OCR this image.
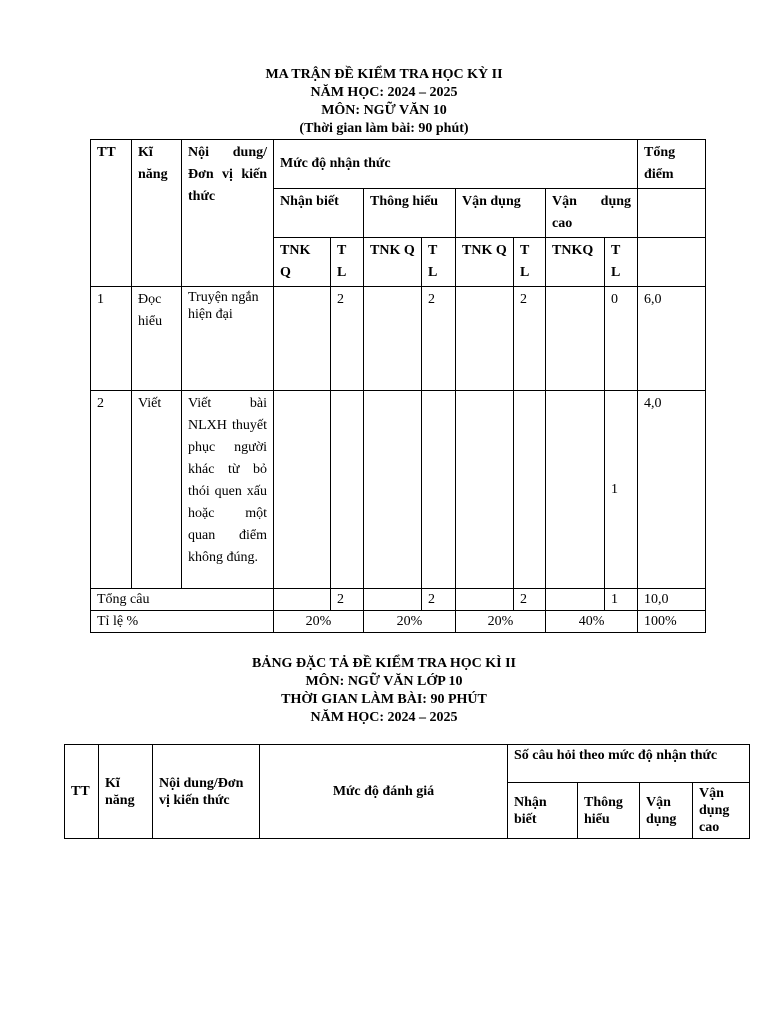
MA TRẬN ĐỀ KIỂM TRA HỌC KỲ II
NĂM HỌC: 2024 – 2025
MÔN: NGỮ VĂN 10
(Thời gian làm bài: 90 phút)
TT	Kĩ năng	Nội dung/ Đơn vị kiến thức	Mức độ nhận thức								Tổng điểm
			Nhận biết		Thông hiểu		Vận dụng		Vận dụng cao		
			TNK Q	T L	TNK Q	T L	TNK Q	T L	TNKQ	T L	
1	Đọc hiểu	Truyện ngắn hiện đại		2		2		2		0	6,0
2	Viết	Viết bài NLXH thuyết phục người khác từ bỏ thói quen xấu hoặc một quan điểm không đúng.								1	4,0
Tổng câu				2		2		2		1	10,0
Tỉ lệ %			20%		20%		20%		40%		100%
BẢNG ĐẶC TẢ ĐỀ KIỂM TRA HỌC KÌ II
MÔN: NGỮ VĂN LỚP 10
THỜI GIAN LÀM BÀI: 90 PHÚT
NĂM HỌC: 2024 – 2025
TT	Kĩ năng	Nội dung/Đơn vị kiến thức	Mức độ đánh giá	Số câu hỏi theo mức độ nhận thức			
				Nhận biết	Thông hiểu	Vận dụng	Vận dụng cao
